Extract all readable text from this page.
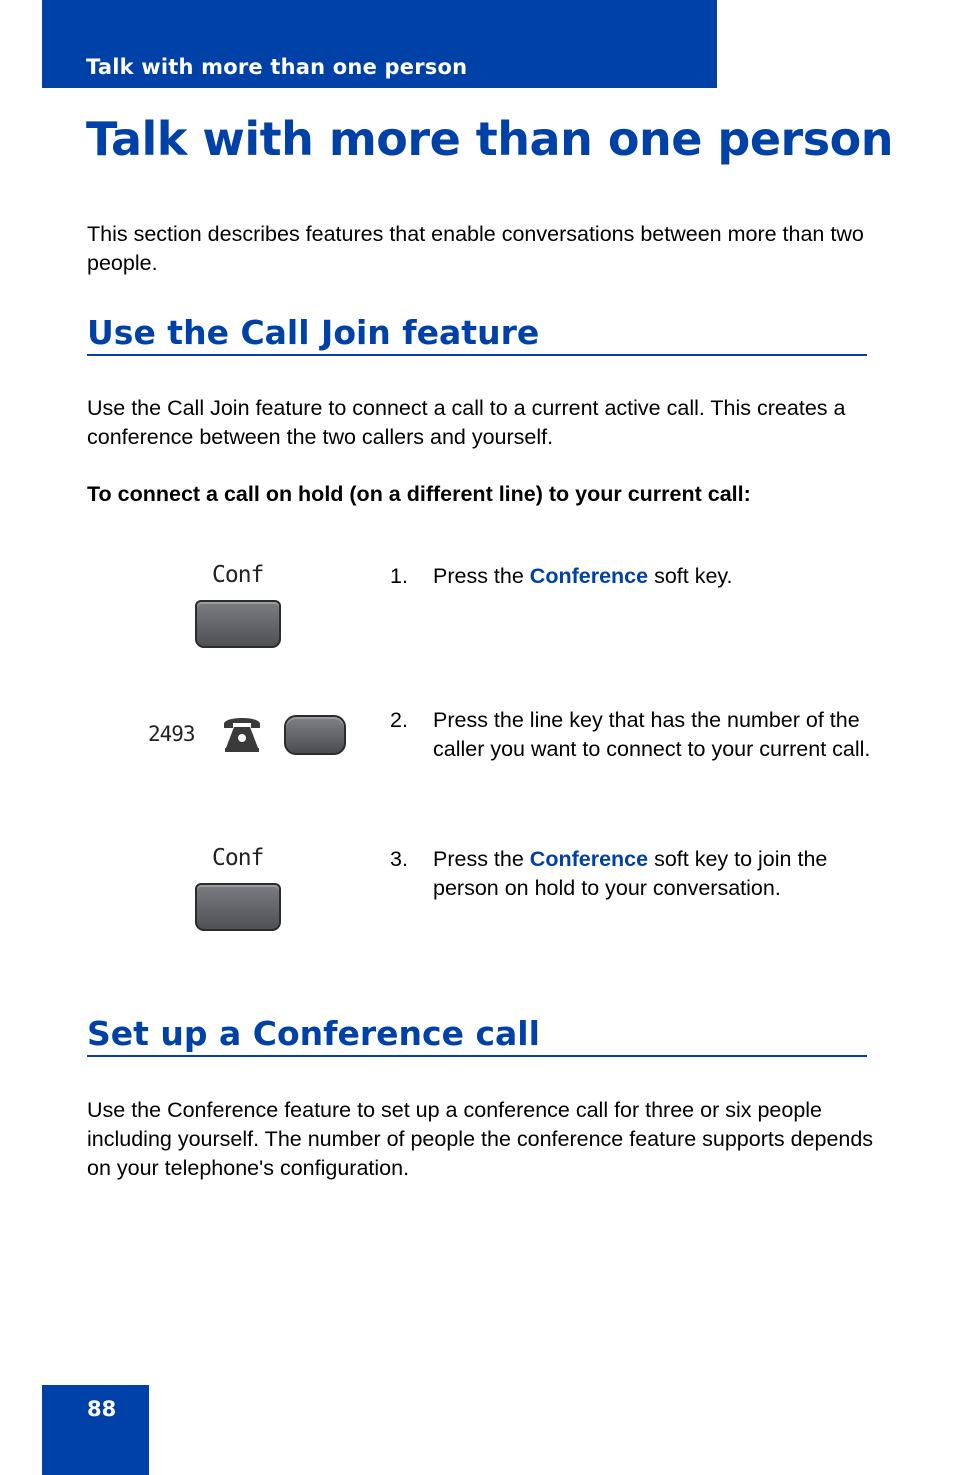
Talk with more than one person
Talk with more than one person

This section describes features that enable conversations between more than two people.

Use the Call Join feature

Use the Call Join feature to connect a call to a current active call. This creates a conference between the two callers and yourself.

To connect a call on hold (on a different line) to your current call:

Conf	1. Press the Conference soft key.
2493
2. Press the line key that has the number of the caller you want to connect to your current call.
Conf	3. Press the Conference soft key to join the person on hold to your conversation.
Set up a Conference call

Use the Conference feature to set up a conference call for three or six people including yourself. The number of people the conference feature supports depends on your telephone's configuration.

88
